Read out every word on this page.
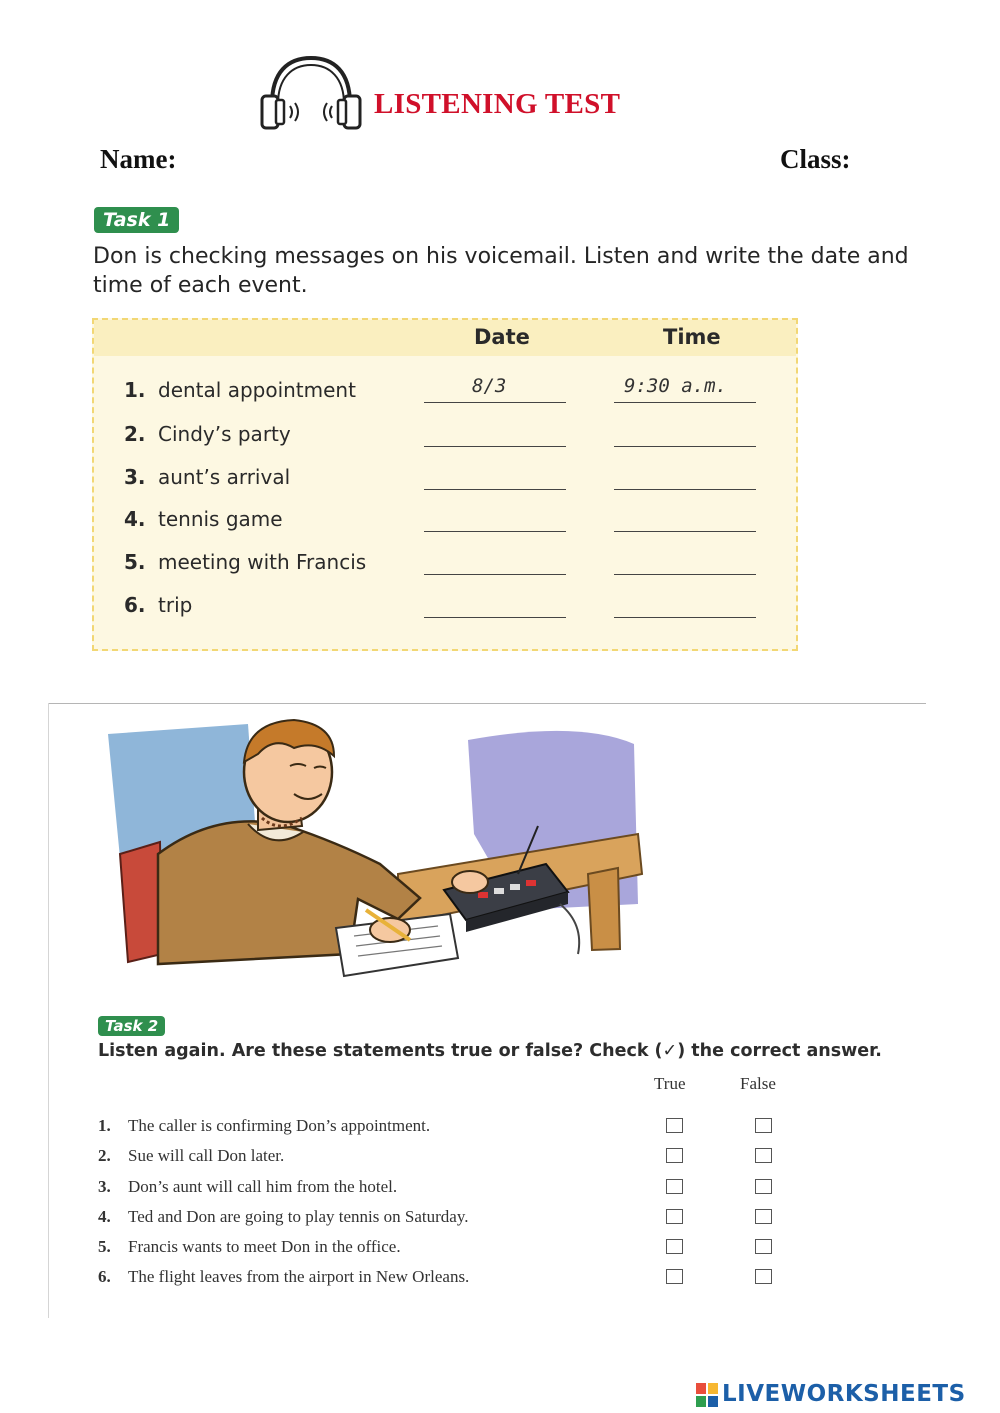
LISTENING TEST
Name:	Class:
Task 1
Don is checking messages on his voicemail. Listen and write the date and time of each event.
Date	Time
1. dental appointment	8/3	9:30 a.m.
2. Cindy’s party
3. aunt’s arrival
4. tennis game
5. meeting with Francis
6. trip
Task 2
Listen again. Are these statements true or false? Check (✓) the correct answer.
True	False
1. The caller is confirming Don’s appointment.
2. Sue will call Don later.
3. Don’s aunt will call him from the hotel.
4. Ted and Don are going to play tennis on Saturday.
5. Francis wants to meet Don in the office.
6. The flight leaves from the airport in New Orleans.
LIVEWORKSHEETS
